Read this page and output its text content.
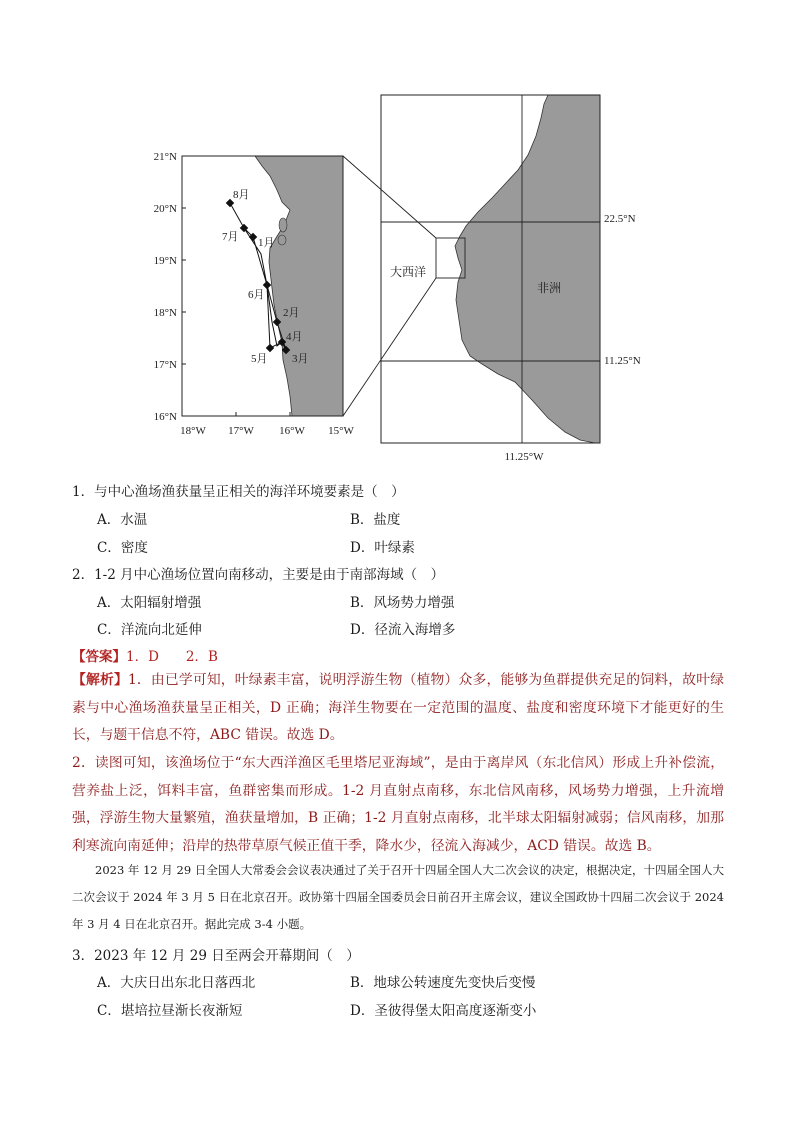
21°N
20°N
19°N
18°N
17°N
16°N
18°W 17°W 16°W 15°W
8月
7月 1月
6月
2月
4月
5月 3月
大西洋
非洲
22.5°N
11.25°N
11.25°W
1．与中心渔场渔获量呈正相关的海洋环境要素是（　）
A．水温	B．盐度
C．密度	D．叶绿素
2．1-2 月中心渔场位置向南移动，主要是由于南部海域（　）
A．太阳辐射增强	B．风场势力增强
C．洋流向北延伸	D．径流入海增多
【答案】1．D　　2．B
【解析】1．由已学可知，叶绿素丰富，说明浮游生物（植物）众多，能够为鱼群提供充足的饲料，故叶绿素与中心渔场渔获量呈正相关，D 正确；海洋生物要在一定范围的温度、盐度和密度环境下才能更好的生长，与题干信息不符，ABC 错误。故选 D。
2．读图可知，该渔场位于“东大西洋渔区毛里塔尼亚海域”，是由于离岸风（东北信风）形成上升补偿流，营养盐上泛，饵料丰富，鱼群密集而形成。1-2 月直射点南移，东北信风南移，风场势力增强，上升流增强，浮游生物大量繁殖，渔获量增加，B 正确；1-2 月直射点南移，北半球太阳辐射减弱；信风南移，加那利寒流向南延伸；沿岸的热带草原气候正值干季，降水少，径流入海减少，ACD 错误。故选 B。
2023 年 12 月 29 日全国人大常委会会议表决通过了关于召开十四届全国人大二次会议的决定，根据决定，十四届全国人大二次会议于 2024 年 3 月 5 日在北京召开。政协第十四届全国委员会日前召开主席会议，建议全国政协十四届二次会议于 2024 年 3 月 4 日在北京召开。据此完成 3-4 小题。
3．2023 年 12 月 29 日至两会开幕期间（　）
A．大庆日出东北日落西北	B．地球公转速度先变快后变慢
C．堪培拉昼渐长夜渐短	D．圣彼得堡太阳高度逐渐变小
